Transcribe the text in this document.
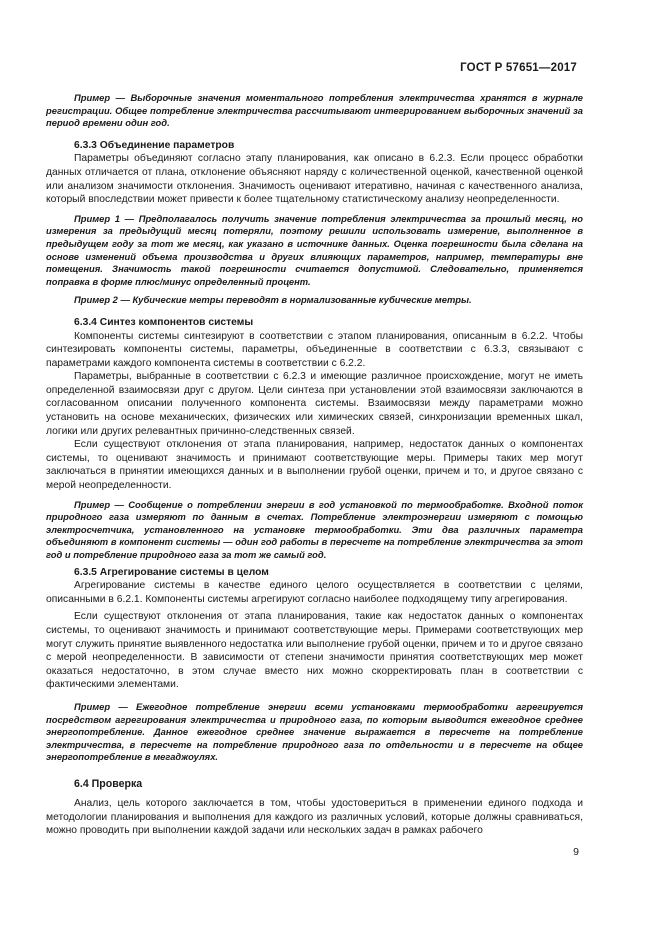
ГОСТ Р 57651—2017

Пример — Выборочные значения моментального потребления электричества хранятся в журнале регистрации. Общее потребление электричества рассчитывают интегрированием выборочных значений за период времени один год.

6.3.3 Объединение параметров

Параметры объединяют согласно этапу планирования, как описано в 6.2.3. Если процесс обработки данных отличается от плана, отклонение объясняют наряду с количественной оценкой, качественной оценкой или анализом значимости отклонения. Значимость оценивают итеративно, начиная с качественного анализа, который впоследствии может привести к более тщательному статистическому анализу неопределенности.

Пример 1 — Предполагалось получить значение потребления электричества за прошлый месяц, но измерения за предыдущий месяц потеряли, поэтому решили использовать измерение, выполненное в предыдущем году за тот же месяц, как указано в источнике данных. Оценка погрешности была сделана на основе изменений объема производства и других влияющих параметров, например, температуры вне помещения. Значимость такой погрешности считается допустимой. Следовательно, применяется поправка в форме плюс/минус определенный процент.

Пример 2 — Кубические метры переводят в нормализованные кубические метры.

6.3.4 Синтез компонентов системы

Компоненты системы синтезируют в соответствии с этапом планирования, описанным в 6.2.2. Чтобы синтезировать компоненты системы, параметры, объединенные в соответствии с 6.3.3, связывают с параметрами каждого компонента системы в соответствии с 6.2.2.

Параметры, выбранные в соответствии с 6.2.3 и имеющие различное происхождение, могут не иметь определенной взаимосвязи друг с другом. Цели синтеза при установлении этой взаимосвязи заключаются в согласованном описании полученного компонента системы. Взаимосвязи между параметрами можно установить на основе механических, физических или химических связей, синхронизации временных шкал, логики или других релевантных причинно-следственных связей.

Если существуют отклонения от этапа планирования, например, недостаток данных о компонентах системы, то оценивают значимость и принимают соответствующие меры. Примеры таких мер могут заключаться в принятии имеющихся данных и в выполнении грубой оценки, причем и то, и другое связано с мерой неопределенности.

Пример — Сообщение о потреблении энергии в год установкой по термообработке. Входной поток природного газа измеряют по данным в счетах. Потребление электроэнергии измеряют с помощью электросчетчика, установленного на установке термообработки. Эти два различных параметра объединяют в компонент системы — один год работы в пересчете на потребление электричества за этот год и потребление природного газа за тот же самый год.

6.3.5 Агрегирование системы в целом

Агрегирование системы в качестве единого целого осуществляется в соответствии с целями, описанными в 6.2.1. Компоненты системы агрегируют согласно наиболее подходящему типу агрегирования.

Если существуют отклонения от этапа планирования, такие как недостаток данных о компонентах системы, то оценивают значимость и принимают соответствующие меры. Примерами соответствующих мер могут служить принятие выявленного недостатка или выполнение грубой оценки, причем и то и другое связано с мерой неопределенности. В зависимости от степени значимости принятия соответствующих мер может оказаться недостаточно, в этом случае вместо них можно скорректировать план в соответствии с фактическими элементами.

Пример — Ежегодное потребление энергии всеми установками термообработки агрегируется посредством агрегирования электричества и природного газа, по которым выводится ежегодное среднее энергопотребление. Данное ежегодное среднее значение выражается в пересчете на потребление электричества, в пересчете на потребление природного газа по отдельности и в пересчете на общее энергопотребление в мегаджоулях.

6.4 Проверка

Анализ, цель которого заключается в том, чтобы удостовериться в применении единого подхода и методологии планирования и выполнения для каждого из различных условий, которые должны сравниваться, можно проводить при выполнении каждой задачи или нескольких задач в рамках рабочего

9
